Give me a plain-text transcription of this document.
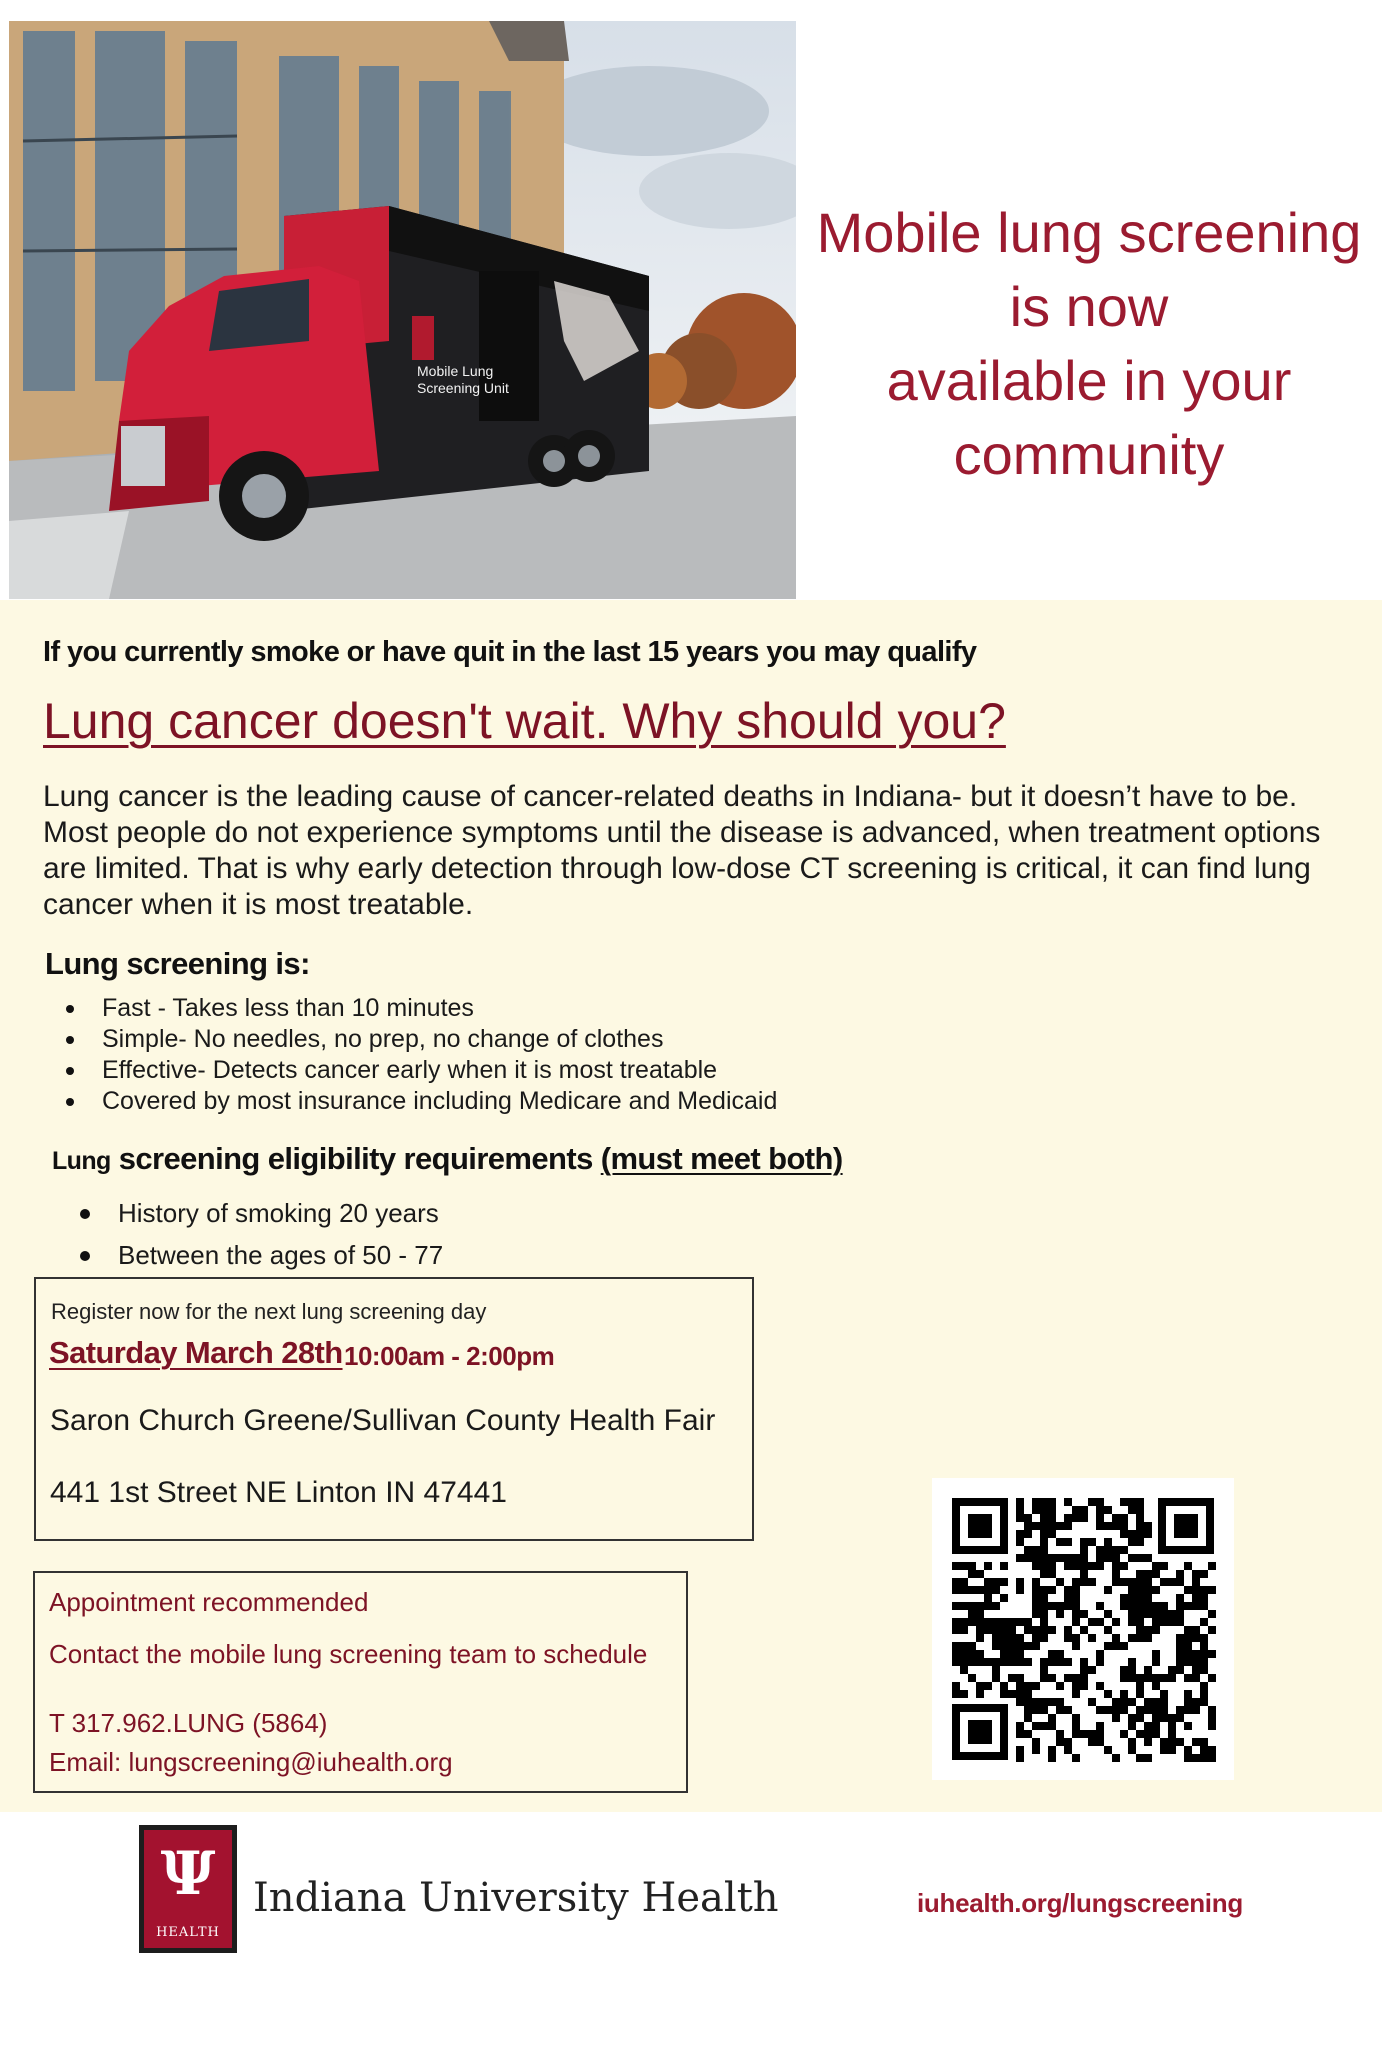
Mobile Lung
Screening Unit
Mobile lung screening
is now
available in your
community
If you currently smoke or have quit in the last 15 years you may qualify
Lung cancer doesn't wait. Why should you?

Lung cancer is the leading cause of cancer-related deaths in Indiana- but it doesn’t have to be. Most people do not experience symptoms until the disease is advanced, when treatment options are limited. That is why early detection through low-dose CT screening is critical, it can find lung cancer when it is most treatable.

Lung screening is:
Fast - Takes less than 10 minutes
Simple- No needles, no prep, no change of clothes
Effective- Detects cancer early when it is most treatable
Covered by most insurance including Medicare and Medicaid
Lung screening eligibility requirements (must meet both)
History of smoking 20 years
Between the ages of 50 - 77
Register now for the next lung screening day
Saturday March 28th 10:00am - 2:00pm
Saron Church Greene/Sullivan County Health Fair
441 1st Street NE Linton IN 47441
Appointment recommended
Contact the mobile lung screening team to schedule
T 317.962.LUNG (5864)
Email: lungscreening@iuhealth.org
Ψ
HEALTH
Indiana University Health	iuhealth.org/lungscreening
